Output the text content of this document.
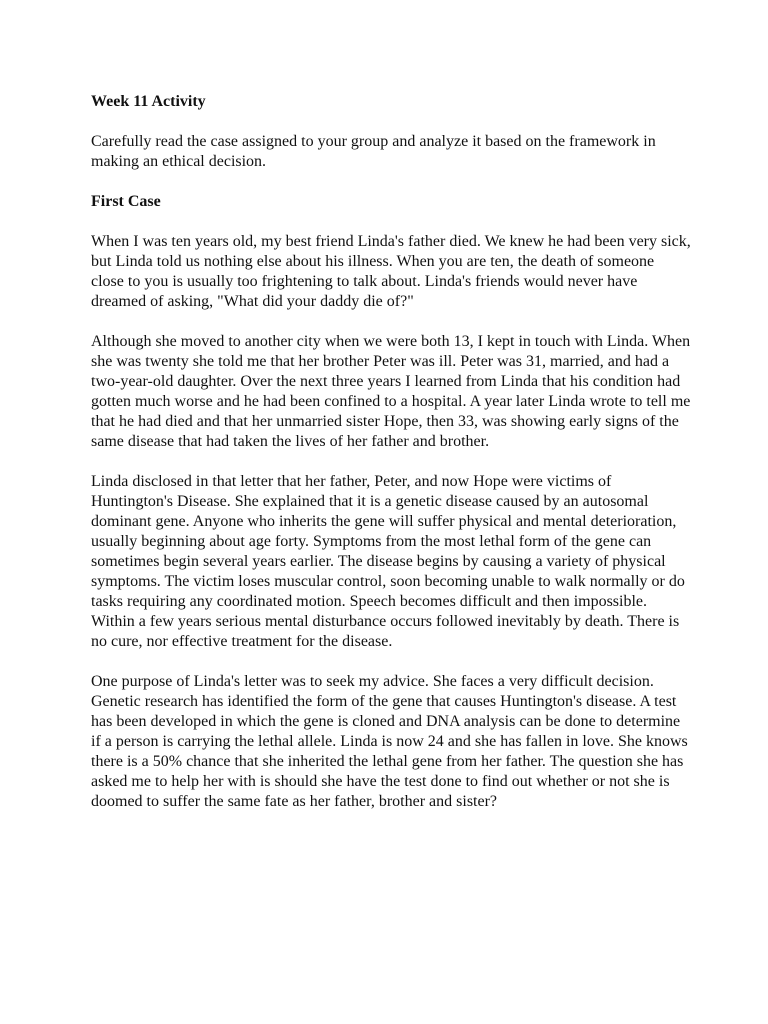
Week 11 Activity

Carefully read the case assigned to your group and analyze it based on the framework in making an ethical decision.

First Case

When I was ten years old, my best friend Linda's father died. We knew he had been very sick, but Linda told us nothing else about his illness. When you are ten, the death of someone close to you is usually too frightening to talk about. Linda's friends would never have dreamed of asking, "What did your daddy die of?"

Although she moved to another city when we were both 13, I kept in touch with Linda. When she was twenty she told me that her brother Peter was ill. Peter was 31, married, and had a two-year-old daughter. Over the next three years I learned from Linda that his condition had gotten much worse and he had been confined to a hospital. A year later Linda wrote to tell me that he had died and that her unmarried sister Hope, then 33, was showing early signs of the same disease that had taken the lives of her father and brother.

Linda disclosed in that letter that her father, Peter, and now Hope were victims of Huntington's Disease. She explained that it is a genetic disease caused by an autosomal dominant gene. Anyone who inherits the gene will suffer physical and mental deterioration, usually beginning about age forty. Symptoms from the most lethal form of the gene can sometimes begin several years earlier. The disease begins by causing a variety of physical symptoms. The victim loses muscular control, soon becoming unable to walk normally or do tasks requiring any coordinated motion. Speech becomes difficult and then impossible. Within a few years serious mental disturbance occurs followed inevitably by death. There is no cure, nor effective treatment for the disease.

One purpose of Linda's letter was to seek my advice. She faces a very difficult decision. Genetic research has identified the form of the gene that causes Huntington's disease. A test has been developed in which the gene is cloned and DNA analysis can be done to determine if a person is carrying the lethal allele. Linda is now 24 and she has fallen in love. She knows there is a 50% chance that she inherited the lethal gene from her father. The question she has asked me to help her with is should she have the test done to find out whether or not she is doomed to suffer the same fate as her father, brother and sister?
